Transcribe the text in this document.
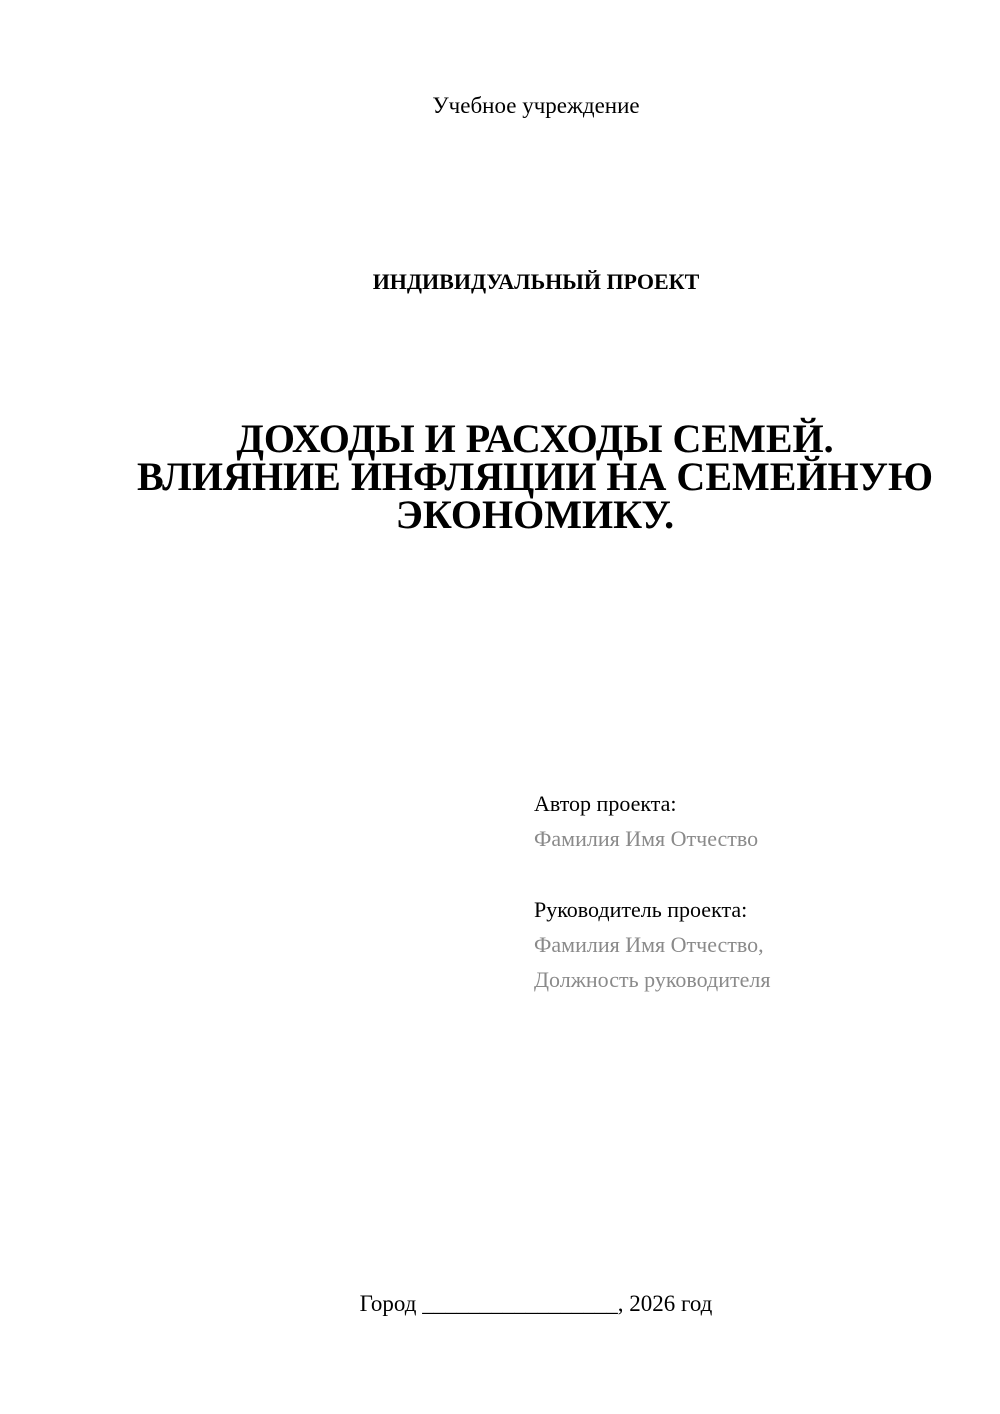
Учебное учреждение
ИНДИВИДУАЛЬНЫЙ ПРОЕКТ
ДОХОДЫ И РАСХОДЫ СЕМЕЙ.
ВЛИЯНИЕ ИНФЛЯЦИИ НА СЕМЕЙНУЮ
ЭКОНОМИКУ.
Автор проекта:
Фамилия Имя Отчество
Руководитель проекта:
Фамилия Имя Отчество,
Должность руководителя
Город _________________, 2026 год
